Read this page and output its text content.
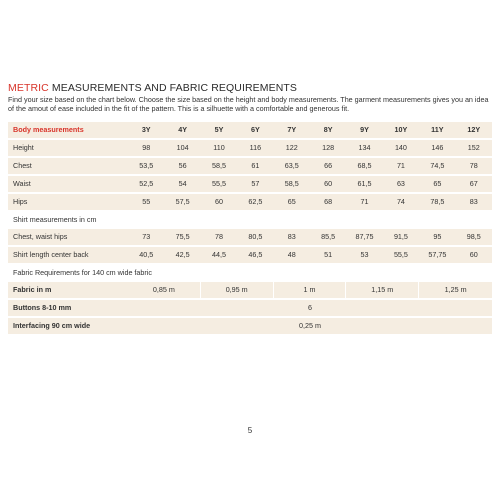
METRIC MEASUREMENTS AND FABRIC REQUIREMENTS
Find your size based on the chart below. Choose the size based on the height and body measurements. The garment measurements gives you an idea of the amout of ease included in the fit of the pattern. This is a silhuette with a comfortable and generous fit.
Body measurements	3Y	4Y	5Y	6Y	7Y	8Y	9Y	10Y	11Y	12Y
Height	98	104	110	116	122	128	134	140	146	152
Chest	53,5	56	58,5	61	63,5	66	68,5	71	74,5	78
Waist	52,5	54	55,5	57	58,5	60	61,5	63	65	67
Hips	55	57,5	60	62,5	65	68	71	74	78,5	83
Shirt measurements in cm										
Chest, waist hips	73	75,5	78	80,5	83	85,5	87,75	91,5	95	98,5
Shirt length center back	40,5	42,5	44,5	46,5	48	51	53	55,5	57,75	60
Fabric Requirements for 140 cm wide fabric										
Fabric in m	0,85 m		0,95 m		1 m		1,15 m		1,25 m	
Buttons 8-10 mm	6									
Interfacing 90 cm wide	0,25 m									
5
